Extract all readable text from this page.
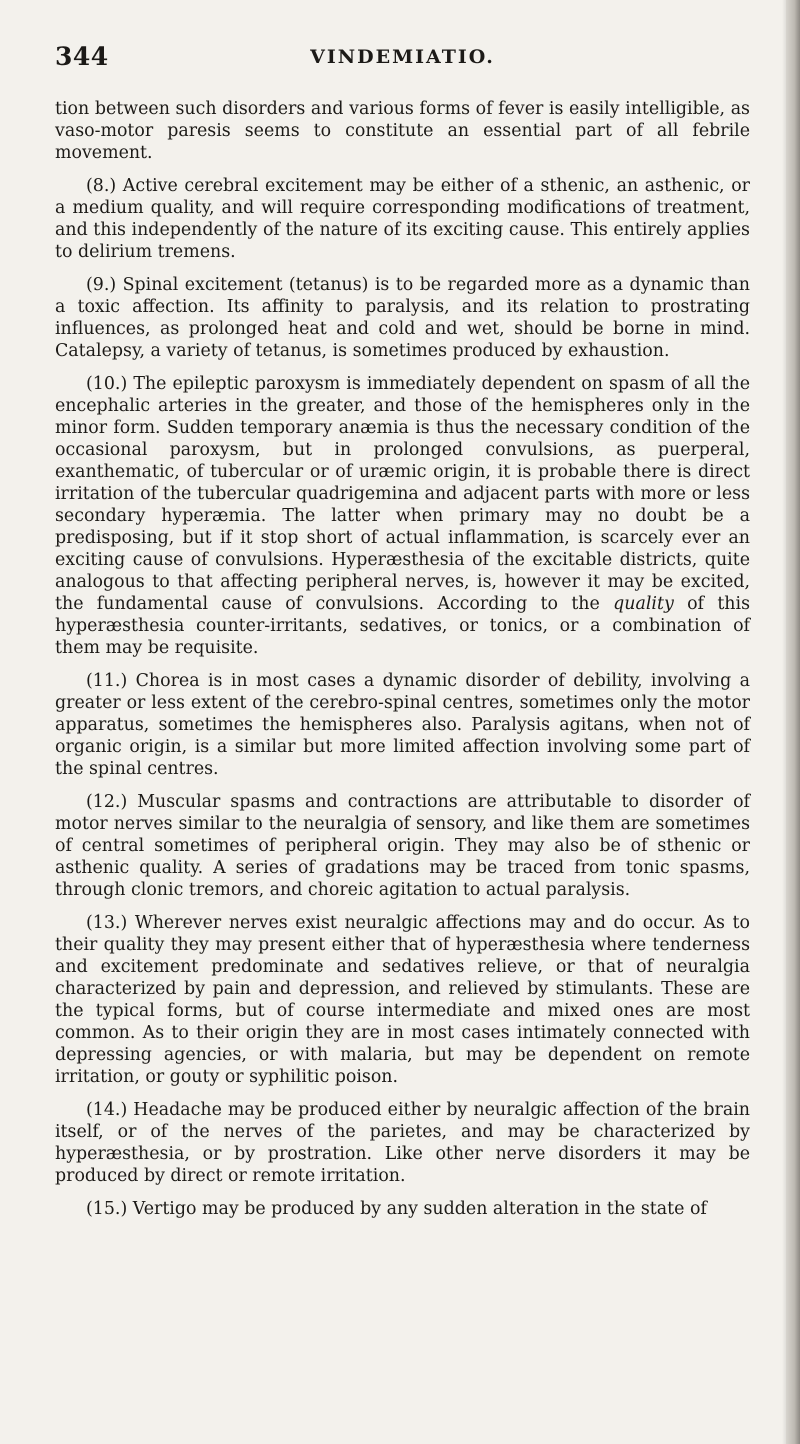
344	VINDEMIATIO.

tion between such disorders and various forms of fever is easily intelligible, as vaso-motor paresis seems to constitute an essential part of all febrile movement.

(8.) Active cerebral excitement may be either of a sthenic, an asthenic, or a medium quality, and will require corresponding modifications of treatment, and this independently of the nature of its exciting cause. This entirely applies to delirium tremens.

(9.) Spinal excitement (tetanus) is to be regarded more as a dynamic than a toxic affection. Its affinity to paralysis, and its relation to prostrating influences, as prolonged heat and cold and wet, should be borne in mind. Catalepsy, a variety of tetanus, is sometimes produced by exhaustion.

(10.) The epileptic paroxysm is immediately dependent on spasm of all the encephalic arteries in the greater, and those of the hemispheres only in the minor form. Sudden temporary anæmia is thus the necessary condition of the occasional paroxysm, but in prolonged convulsions, as puerperal, exanthematic, of tubercular or of uræmic origin, it is probable there is direct irritation of the tubercular quadrigemina and adjacent parts with more or less secondary hyperæmia. The latter when primary may no doubt be a predisposing, but if it stop short of actual inflammation, is scarcely ever an exciting cause of convulsions. Hyperæsthesia of the excitable districts, quite analogous to that affecting peripheral nerves, is, however it may be excited, the fundamental cause of convulsions. According to the quality of this hyperæsthesia counter-irritants, sedatives, or tonics, or a combination of them may be requisite.

(11.) Chorea is in most cases a dynamic disorder of debility, involving a greater or less extent of the cerebro-spinal centres, sometimes only the motor apparatus, sometimes the hemispheres also. Paralysis agitans, when not of organic origin, is a similar but more limited affection involving some part of the spinal centres.

(12.) Muscular spasms and contractions are attributable to disorder of motor nerves similar to the neuralgia of sensory, and like them are sometimes of central sometimes of peripheral origin. They may also be of sthenic or asthenic quality. A series of gradations may be traced from tonic spasms, through clonic tremors, and choreic agitation to actual paralysis.

(13.) Wherever nerves exist neuralgic affections may and do occur. As to their quality they may present either that of hyperæsthesia where tenderness and excitement predominate and sedatives relieve, or that of neuralgia characterized by pain and depression, and relieved by stimulants. These are the typical forms, but of course intermediate and mixed ones are most common. As to their origin they are in most cases intimately connected with depressing agencies, or with malaria, but may be dependent on remote irritation, or gouty or syphilitic poison.

(14.) Headache may be produced either by neuralgic affection of the brain itself, or of the nerves of the parietes, and may be characterized by hyperæsthesia, or by prostration. Like other nerve disorders it may be produced by direct or remote irritation.

(15.) Vertigo may be produced by any sudden alteration in the state of
